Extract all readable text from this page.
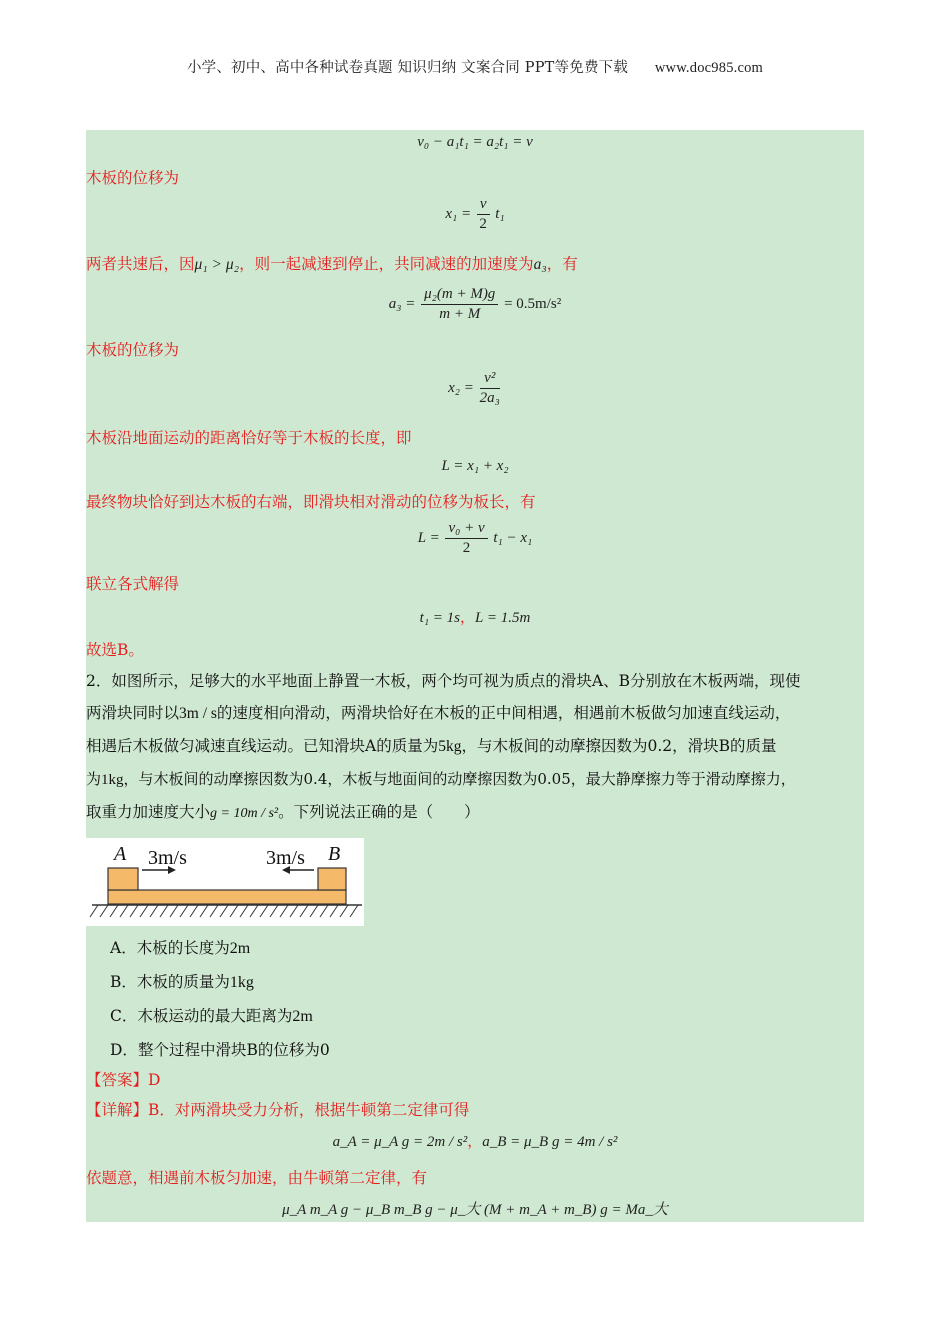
小学、初中、高中各种试卷真题 知识归纳 文案合同 PPT等免费下载 www.doc985.com
v₀ − a₁t₁ = a₂t₁ = v
木板的位移为
$x_1 = \frac{v}{2} t_1$
两者共速后，因μ₁ > μ₂，则一起减速到停止，共同减速的加速度为a₃，有
$a_3 = \frac{\text{μ₂(m + M)g}}{m + M} = 0.5m/s^2$
木板的位移为
$x_2 = \frac{\text{v²}}{\text{2a₃}}$
木板沿地面运动的距离恰好等于木板的长度，即
L = x₁ + x₂
最终物块恰好到达木板的右端，即滑块相对滑动的位移为板长，有
$L = \frac{\text{v₀ + v}}{2} t_1 - x_1$
联立各式解得
t₁ = 1s，L = 1.5m
故选B。
2．如图所示，足够大的水平地面上静置一木板，两个均可视为质点的滑块A、B分别放在木板两端，现使
两滑块同时以3m / s的速度相向滑动，两滑块恰好在木板的正中间相遇，相遇前木板做匀加速直线运动，
相遇后木板做匀减速直线运动。已知滑块A的质量为5kg，与木板间的动摩擦因数为0.2，滑块B的质量
为1kg，与木板间的动摩擦因数为0.4，木板与地面间的动摩擦因数为0.05，最大静摩擦力等于滑动摩擦力，
取重力加速度大小g = 10m / s²。下列说法正确的是（　　）
A	B
3m/s	3m/s
A．木板的长度为2m
B．木板的质量为1kg
C．木板运动的最大距离为2m
D．整个过程中滑块B的位移为0
【答案】D
【详解】B．对两滑块受力分析，根据牛顿第二定律可得
a_A = μ_A g = 2m / s²，a_B = μ_B g = 4m / s²
依题意，相遇前木板匀加速，由牛顿第二定律，有
μ_A m_A g − μ_B m_B g − μ_大 (M + m_A + m_B) g = Ma_大
